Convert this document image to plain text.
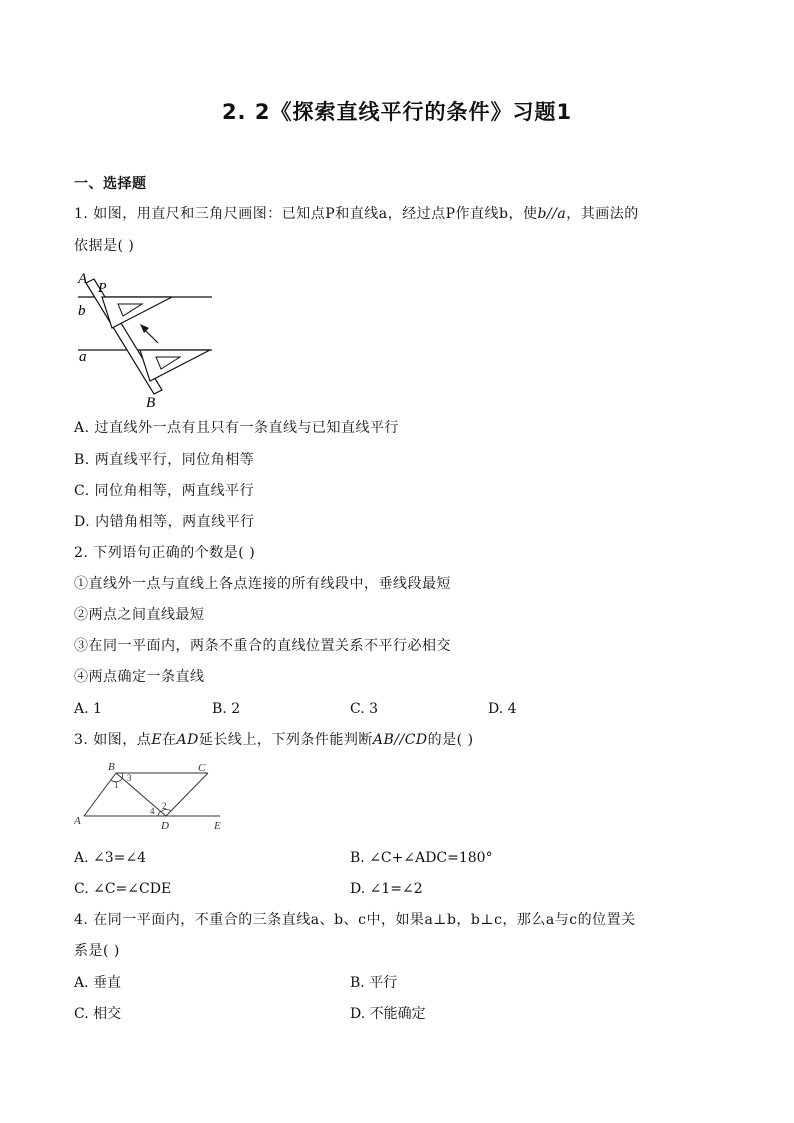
2. 2《探索直线平行的条件》习题1
一、选择题
1. 如图，用直尺和三角尺画图：已知点P和直线a，经过点P作直线b，使b//a，其画法的
依据是( )
A
P
b
a
B
A. 过直线外一点有且只有一条直线与已知直线平行
B. 两直线平行，同位角相等
C. 同位角相等，两直线平行
D. 内错角相等，两直线平行
2. 下列语句正确的个数是( )
①直线外一点与直线上各点连接的所有线段中，垂线段最短
②两点之间直线最短
③在同一平面内，两条不重合的直线位置关系不平行必相交
④两点确定一条直线
A. 1	B. 2	C. 3	D. 4
3. 如图，点E在AD延长线上，下列条件能判断AB//CD的是( )
B	C
A	D	E
1
3
2
4
A. ∠3=∠4	B. ∠C+∠ADC=180°
C. ∠C=∠CDE	D. ∠1=∠2
4. 在同一平面内，不重合的三条直线a、b、c中，如果a⊥b，b⊥c，那么a与c的位置关
系是( )
A. 垂直	B. 平行
C. 相交	D. 不能确定
